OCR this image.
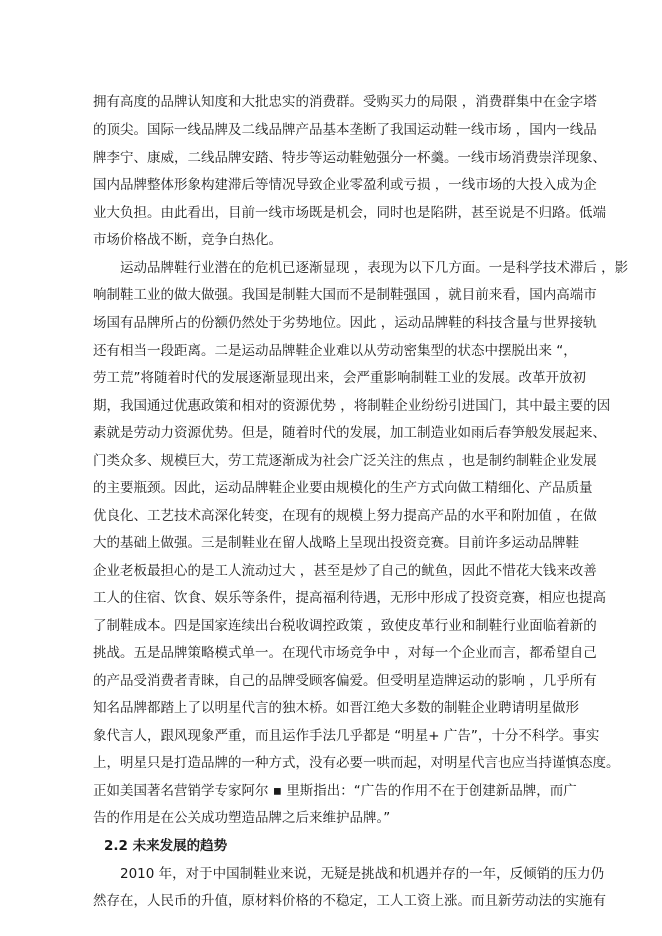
拥有高度的品牌认知度和大批忠实的消费群。受购买力的局限 ，消费群集中在金字塔
的顶尖。国际一线品牌及二线品牌产品基本垄断了我国运动鞋一线市场 ，国内一线品
牌李宁、康威，二线品牌安踏、特步等运动鞋勉强分一杯羹。一线市场消费崇洋现象、
国内品牌整体形象构建滞后等情况导致企业零盈利或亏损 ，一线市场的大投入成为企
业大负担。由此看出，目前一线市场既是机会，同时也是陷阱，甚至说是不归路。低端
市场价格战不断，竞争白热化。
运动品牌鞋行业潜在的危机已逐渐显现 ，表现为以下几方面。一是科学技术滞后 ，影
响制鞋工业的做大做强。我国是制鞋大国而不是制鞋强国 ，就目前来看，国内高端市
场国有品牌所占的份额仍然处于劣势地位。因此 ，运动品牌鞋的科技含量与世界接轨
还有相当一段距离。二是运动品牌鞋企业难以从劳动密集型的状态中摆脱出来 “，
劳工荒”将随着时代的发展逐渐显现出来，会严重影响制鞋工业的发展。改革开放初
期，我国通过优惠政策和相对的资源优势 ，将制鞋企业纷纷引进国门，其中最主要的因
素就是劳动力资源优势。但是，随着时代的发展，加工制造业如雨后春笋般发展起来、
门类众多、规模巨大，劳工荒逐渐成为社会广泛关注的焦点 ，也是制约制鞋企业发展
的主要瓶颈。因此，运动品牌鞋企业要由规模化的生产方式向做工精细化、产品质量
优良化、工艺技术高深化转变，在现有的规模上努力提高产品的水平和附加值 ，在做
大的基础上做强。三是制鞋业在留人战略上呈现出投资竞赛。目前许多运动品牌鞋
企业老板最担心的是工人流动过大 ，甚至是炒了自己的鱿鱼，因此不惜花大钱来改善
工人的住宿、饮食、娱乐等条件，提高福利待遇，无形中形成了投资竞赛，相应也提高
了制鞋成本。四是国家连续出台税收调控政策 ，致使皮革行业和制鞋行业面临着新的
挑战。五是品牌策略模式单一。在现代市场竞争中 ，对每一个企业而言，都希望自己
的产品受消费者青睐，自己的品牌受顾客偏爱。但受明星造牌运动的影响 ，几乎所有
知名品牌都踏上了以明星代言的独木桥。如晋江绝大多数的制鞋企业聘请明星做形
象代言人，跟风现象严重，而且运作手法几乎都是 “明星+ 广告”，十分不科学。事实
上，明星只是打造品牌的一种方式，没有必要一哄而起，对明星代言也应当持谨慎态度。
正如美国著名营销学专家阿尔 ▪ 里斯指出：“广告的作用不在于创建新品牌，而广
告的作用是在公关成功塑造品牌之后来维护品牌。”
2.2 未来发展的趋势
2010 年，对于中国制鞋业来说，无疑是挑战和机遇并存的一年，反倾销的压力仍
然存在，人民币的升值，原材料价格的不稳定，工人工资上涨。而且新劳动法的实施有
